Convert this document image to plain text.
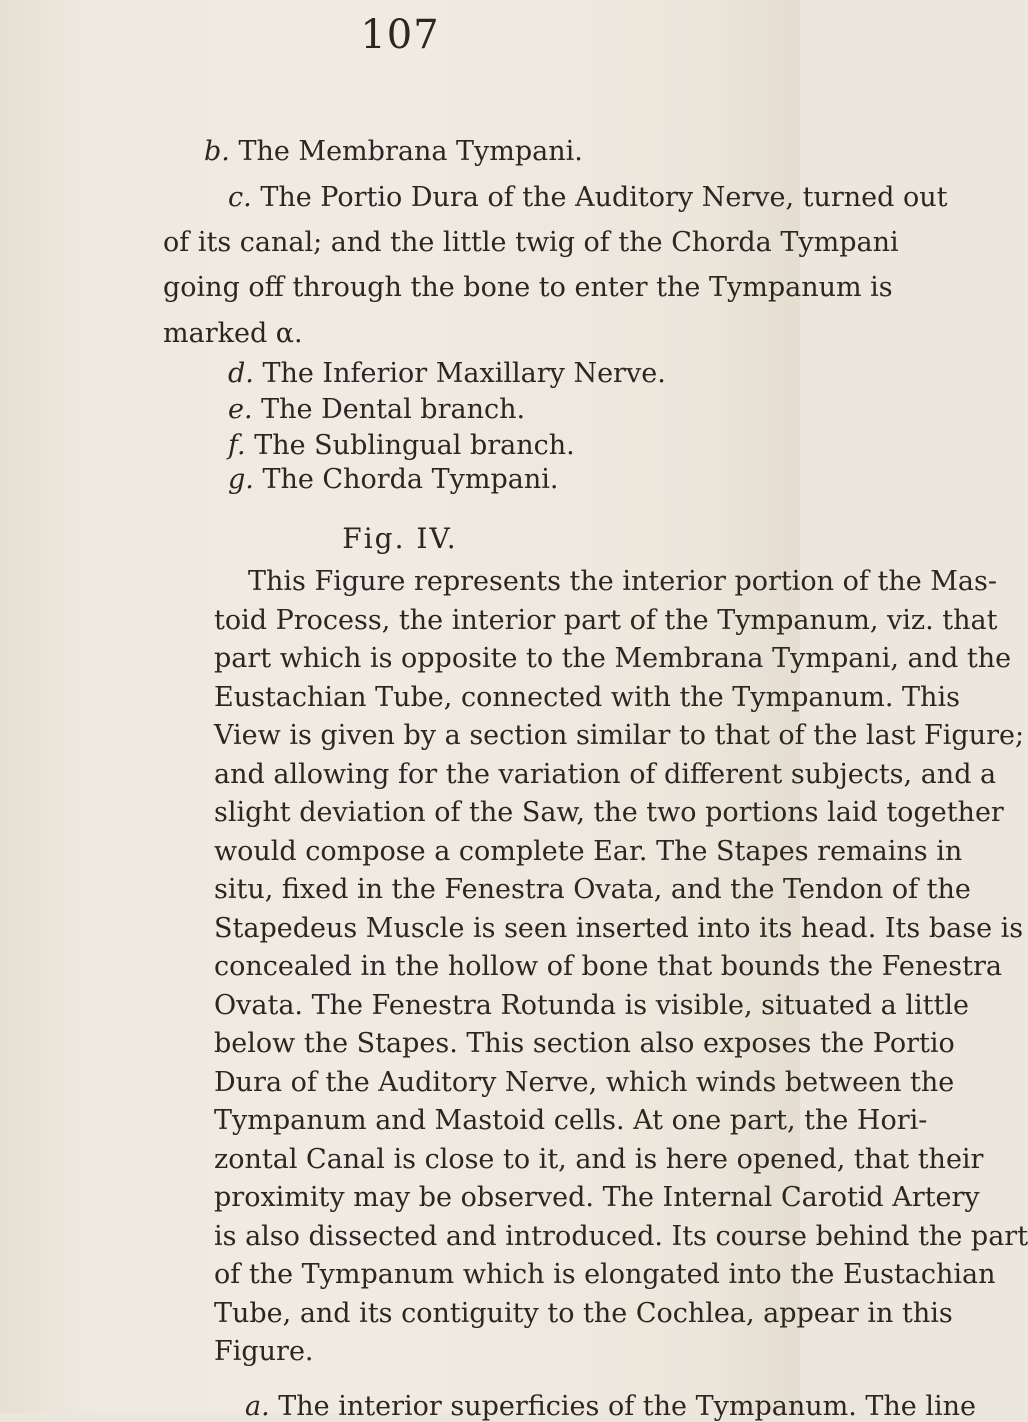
107
b. The Membrana Tympani.
c. The Portio Dura of the Auditory Nerve, turned out
of its canal; and the little twig of the Chorda Tympani
going off through the bone to enter the Tympanum is
marked α.
d. The Inferior Maxillary Nerve.
e. The Dental branch.
Fig. IV.
This Figure represents the interior portion of the Mas-
toid Process, the interior part of the Tympanum, viz. that
part which is opposite to the Membrana Tympani, and the
Eustachian Tube, connected with the Tympanum. This
View is given by a section similar to that of the last Figure;
and allowing for the variation of different subjects, and a
slight deviation of the Saw, the two portions laid together
would compose a complete Ear. The Stapes remains in
situ, fixed in the Fenestra Ovata, and the Tendon of the
Stapedeus Muscle is seen inserted into its head. Its base is
concealed in the hollow of bone that bounds the Fenestra
Ovata. The Fenestra Rotunda is visible, situated a little
below the Stapes. This section also exposes the Portio
Dura of the Auditory Nerve, which winds between the
Tympanum and Mastoid cells. At one part, the Hori-
zontal Canal is close to it, and is here opened, that their
proximity may be observed. The Internal Carotid Artery
is also dissected and introduced. Its course behind the part
of the Tympanum which is elongated into the Eustachian
Tube, and its contiguity to the Cochlea, appear in this
Figure.
a. The interior superficies of the Tympanum. The line
f. The Sublingual branch.
g. The Chorda Tympani.
